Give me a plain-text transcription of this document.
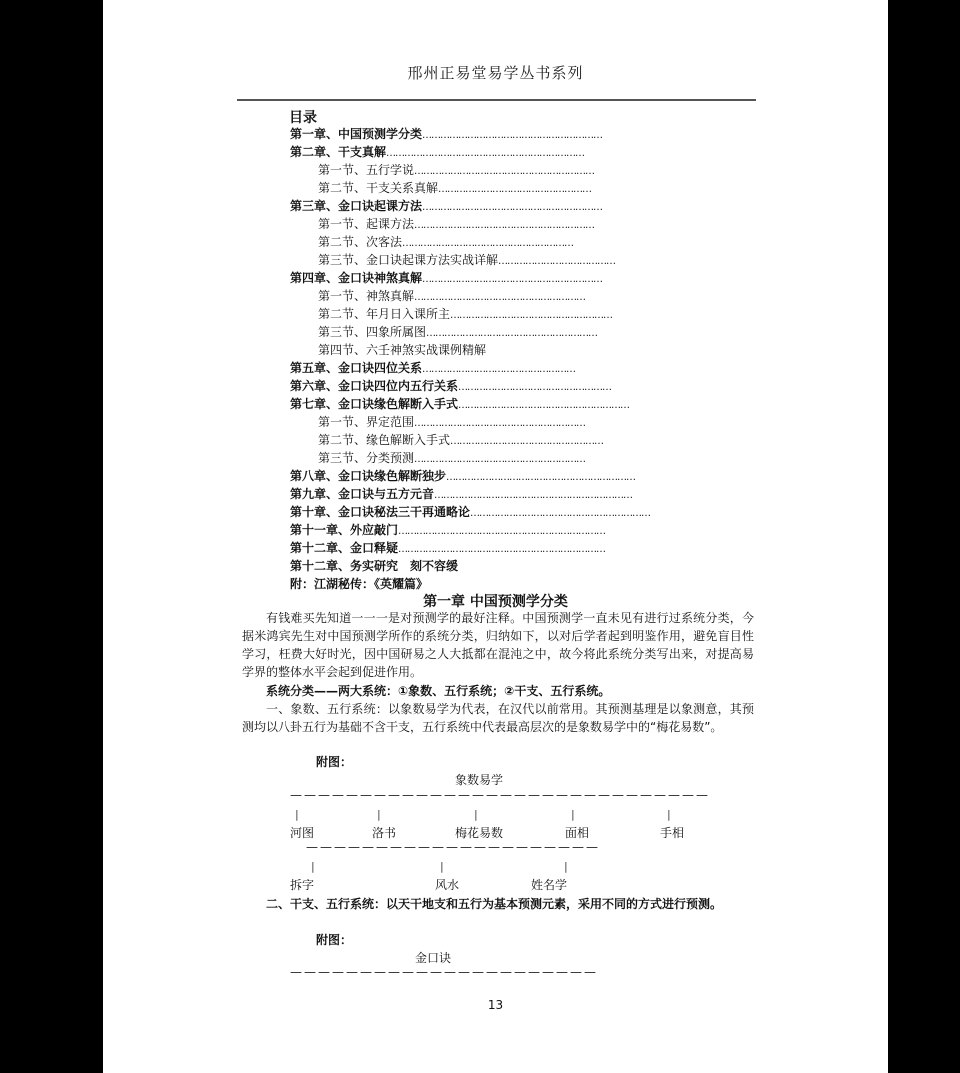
邢州正易堂易学丛书系列
目录
第一章、中国预测学分类……………………………………………………
第二章、干支真解…………………………………………………………
第一节、五行学说……………………………………………………
第二节、干支关系真解……………………………………………
第三章、金口诀起课方法……………………………………………………
第一节、起课方法……………………………………………………
第二节、次客法…………………………………………………
第三节、金口诀起课方法实战详解…………………………………
第四章、金口诀神煞真解……………………………………………………
第一节、神煞真解…………………………………………………
第二节、年月日入课所主………………………………………………
第三节、四象所属图…………………………………………………
第四节、六壬神煞实战课例精解
第五章、金口诀四位关系……………………………………………
第六章、金口诀四位内五行关系……………………………………………
第七章、金口诀缘色解断入手式…………………………………………………
第一节、界定范围…………………………………………………
第二节、缘色解断入手式……………………………………………
第三节、分类预测…………………………………………………
第八章、金口诀缘色解断独步………………………………………………………
第九章、金口诀与五方元音…………………………………………………………
第十章、金口诀秘法三干再通略论……………………………………………………
第十一章、外应敲门……………………………………………………………
第十二章、金口释疑……………………………………………………………
第十二章、务实研究　刻不容缓
附：江湖秘传：《英耀篇》
第一章 中国预测学分类
有钱难买先知道一一一是对预测学的最好注释。中国预测学一直未见有进行过系统分类，今据米鸿宾先生对中国预测学所作的系统分类，归纳如下，以对后学者起到明鉴作用，避免盲目性学习，枉费大好时光，因中国研易之人大抵都在混沌之中，故今将此系统分类写出来，对提高易学界的整体水平会起到促进作用。
系统分类——两大系统：①象数、五行系统；②干支、五行系统。
一、象数、五行系统：以象数易学为代表，在汉代以前常用。其预测基理是以象测意，其预测均以八卦五行为基础不含干支，五行系统中代表最高层次的是象数易学中的“梅花易数”。
附图：
象数易学
——————————————————————————————
|	|	|	|	|
河图	洛书	梅花易数	面相	手相
—————————————————————
|	|	|
拆字	风水	姓名学
二、干支、五行系统：以天干地支和五行为基本预测元素，采用不同的方式进行预测。
附图：
金口诀
——————————————————————
13
